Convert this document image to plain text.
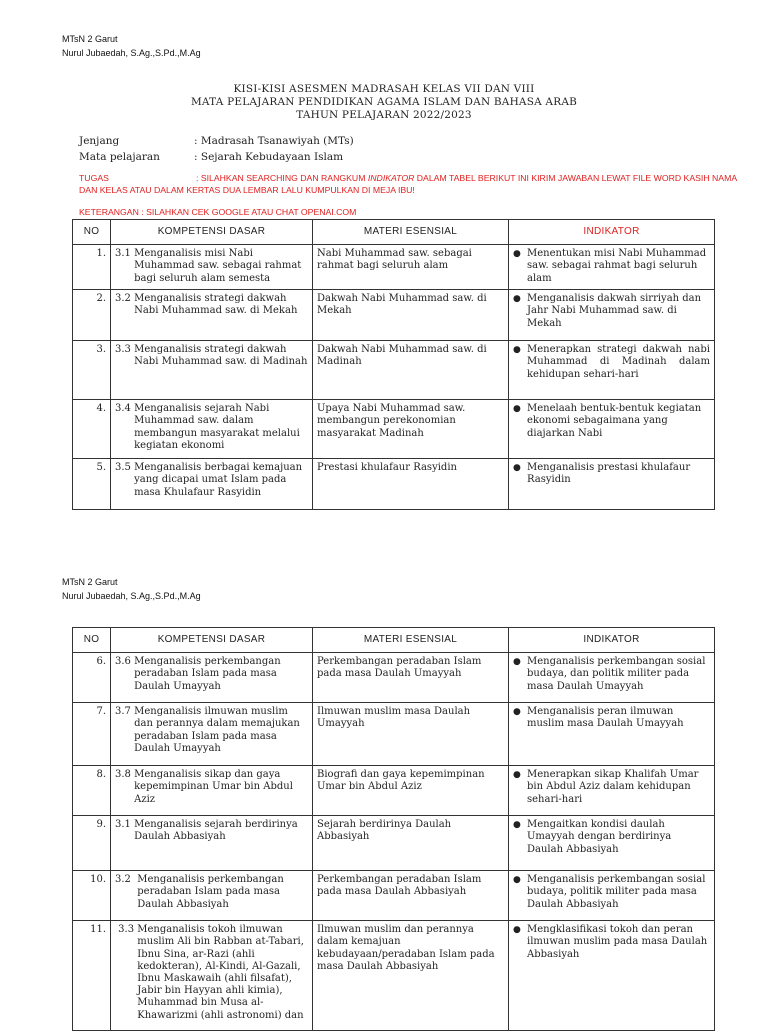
MTsN 2 Garut
Nurul Jubaedah, S.Ag.,S.Pd.,M.Ag
KISI-KISI ASESMEN MADRASAH KELAS VII DAN VIII
MATA PELAJARAN PENDIDIKAN AGAMA ISLAM DAN BAHASA ARAB
TAHUN PELAJARAN 2022/2023
Jenjang	: Madrasah Tsanawiyah (MTs)
Mata pelajaran	: Sejarah Kebudayaan Islam
TUGAS	: SILAHKAN SEARCHING DAN RANGKUM INDIKATOR DALAM TABEL BERIKUT INI KIRIM JAWABAN LEWAT FILE WORD KASIH NAMA DAN KELAS ATAU DALAM KERTAS DUA LEMBAR LALU KUMPULKAN DI MEJA IBU!
KETERANGAN : SILAHKAN CEK GOOGLE ATAU CHAT OPENAI.COM
NO	KOMPETENSI DASAR	MATERI ESENSIAL	INDIKATOR
1.	3.1 Menganalisis misi Nabi Muhammad saw. sebagai rahmat bagi seluruh alam semesta	Nabi Muhammad saw. sebagai rahmat bagi seluruh alam	● Menentukan misi Nabi Muhammad saw. sebagai rahmat bagi seluruh alam

2.	3.2 Menganalisis strategi dakwah Nabi Muhammad saw. di Mekah	Dakwah Nabi Muhammad saw. di Mekah	● Menganalisis dakwah sirriyah dan Jahr Nabi Muhammad saw. di Mekah

3.	3.3 Menganalisis strategi dakwah Nabi Muhammad saw. di Madinah	Dakwah Nabi Muhammad saw. di Madinah	● Menerapkan strategi dakwah nabi Muhammad di Madinah dalam kehidupan sehari-hari

4.	3.4 Menganalisis sejarah Nabi Muhammad saw. dalam membangun masyarakat melalui kegiatan ekonomi	Upaya Nabi Muhammad saw. membangun perekonomian masyarakat Madinah	● Menelaah bentuk-bentuk kegiatan ekonomi sebagaimana yang diajarkan Nabi

5.	3.5 Menganalisis berbagai kemajuan yang dicapai umat Islam pada masa Khulafaur Rasyidin	Prestasi khulafaur Rasyidin	● Menganalisis prestasi khulafaur Rasyidin
MTsN 2 Garut
Nurul Jubaedah, S.Ag.,S.Pd.,M.Ag
NO	KOMPETENSI DASAR	MATERI ESENSIAL	INDIKATOR
6.	3.6 Menganalisis perkembangan peradaban Islam pada masa Daulah Umayyah	Perkembangan peradaban Islam pada masa Daulah Umayyah	● Menganalisis perkembangan sosial budaya, dan politik militer pada masa Daulah Umayyah

7.	3.7 Menganalisis ilmuwan muslim dan perannya dalam memajukan peradaban Islam pada masa Daulah Umayyah	Ilmuwan muslim masa Daulah Umayyah	● Menganalisis peran ilmuwan muslim masa Daulah Umayyah

8.	3.8 Menganalisis sikap dan gaya kepemimpinan Umar bin Abdul Aziz	Biografi dan gaya kepemimpinan Umar bin Abdul Aziz	● Menerapkan sikap Khalifah Umar bin Abdul Aziz dalam kehidupan sehari-hari

9.	3.1 Menganalisis sejarah berdirinya Daulah Abbasiyah	Sejarah berdirinya Daulah Abbasiyah	● Mengaitkan kondisi daulah Umayyah dengan berdirinya Daulah Abbasiyah

10.	3.2 Menganalisis perkembangan peradaban Islam pada masa Daulah Abbasiyah	Perkembangan peradaban Islam pada masa Daulah Abbasiyah	● Menganalisis perkembangan sosial budaya, politik militer pada masa Daulah Abbasiyah

11.	3.3 Menganalisis tokoh ilmuwan muslim Ali bin Rabban at-Tabari, Ibnu Sina, ar-Razi (ahli kedokteran), Al-Kindi, Al-Gazali, Ibnu Maskawaih (ahli filsafat), Jabir bin Hayyan ahli kimia), Muhammad bin Musa al-Khawarizmi (ahli astronomi) dan	Ilmuwan muslim dan perannya dalam kemajuan kebudayaan/peradaban Islam pada masa Daulah Abbasiyah	● Mengklasifikasi tokoh dan peran ilmuwan muslim pada masa Daulah Abbasiyah
